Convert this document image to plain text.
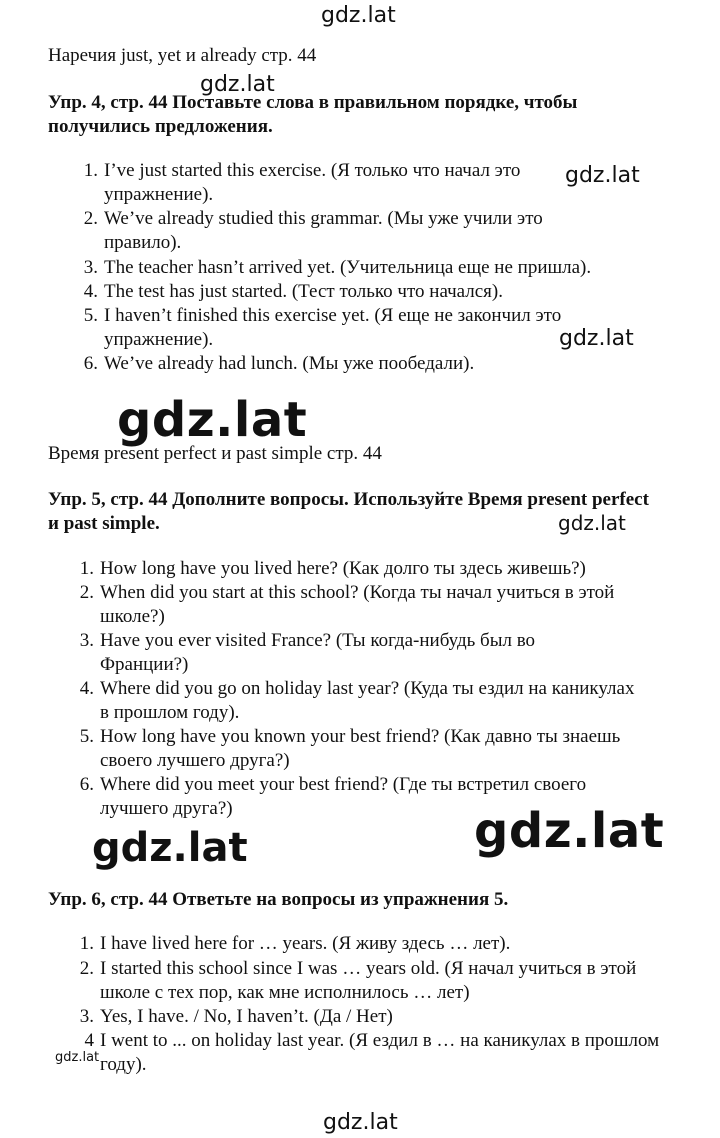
gdz.lat
gdz.lat
gdz.lat
gdz.lat
gdz.lat
gdz.lat
gdz.lat	gdz.lat
gdz.lat
gdz.lat
Наречия just, yet и already стр. 44
Упр. 4, стр. 44 Поставьте слова в правильном порядке, чтобы получились предложения.
1. I’ve just started this exercise. (Я только что начал это упражнение).
2. We’ve already studied this grammar. (Мы уже учили это правило).
3. The teacher hasn’t arrived yet. (Учительница еще не пришла).
4. The test has just started. (Тест только что начался).
5. I haven’t finished this exercise yet. (Я еще не закончил это упражнение).
6. We’ve already had lunch. (Мы уже пообедали).
Время present perfect и past simple стр. 44
Упр. 5, стр. 44 Дополните вопросы. Используйте Время present perfect и past simple.
1. How long have you lived here? (Как долго ты здесь живешь?)
2. When did you start at this school? (Когда ты начал учиться в этой школе?)
3. Have you ever visited France? (Ты когда-нибудь был во Франции?)
4. Where did you go on holiday last year? (Куда ты ездил на каникулах в прошлом году).
5. How long have you known your best friend? (Как давно ты знаешь своего лучшего друга?)
6. Where did you meet your best friend? (Где ты встретил своего лучшего друга?)
Упр. 6, стр. 44 Ответьте на вопросы из упражнения 5.
1. I have lived here for … years. (Я живу здесь … лет).
2. I started this school since I was … years old. (Я начал учиться в этой школе с тех пор, как мне исполнилось … лет)
3. Yes, I have. / No, I haven’t. (Да / Нет)
4 I went to ... on holiday last year. (Я ездил в … на каникулах в прошлом году).
